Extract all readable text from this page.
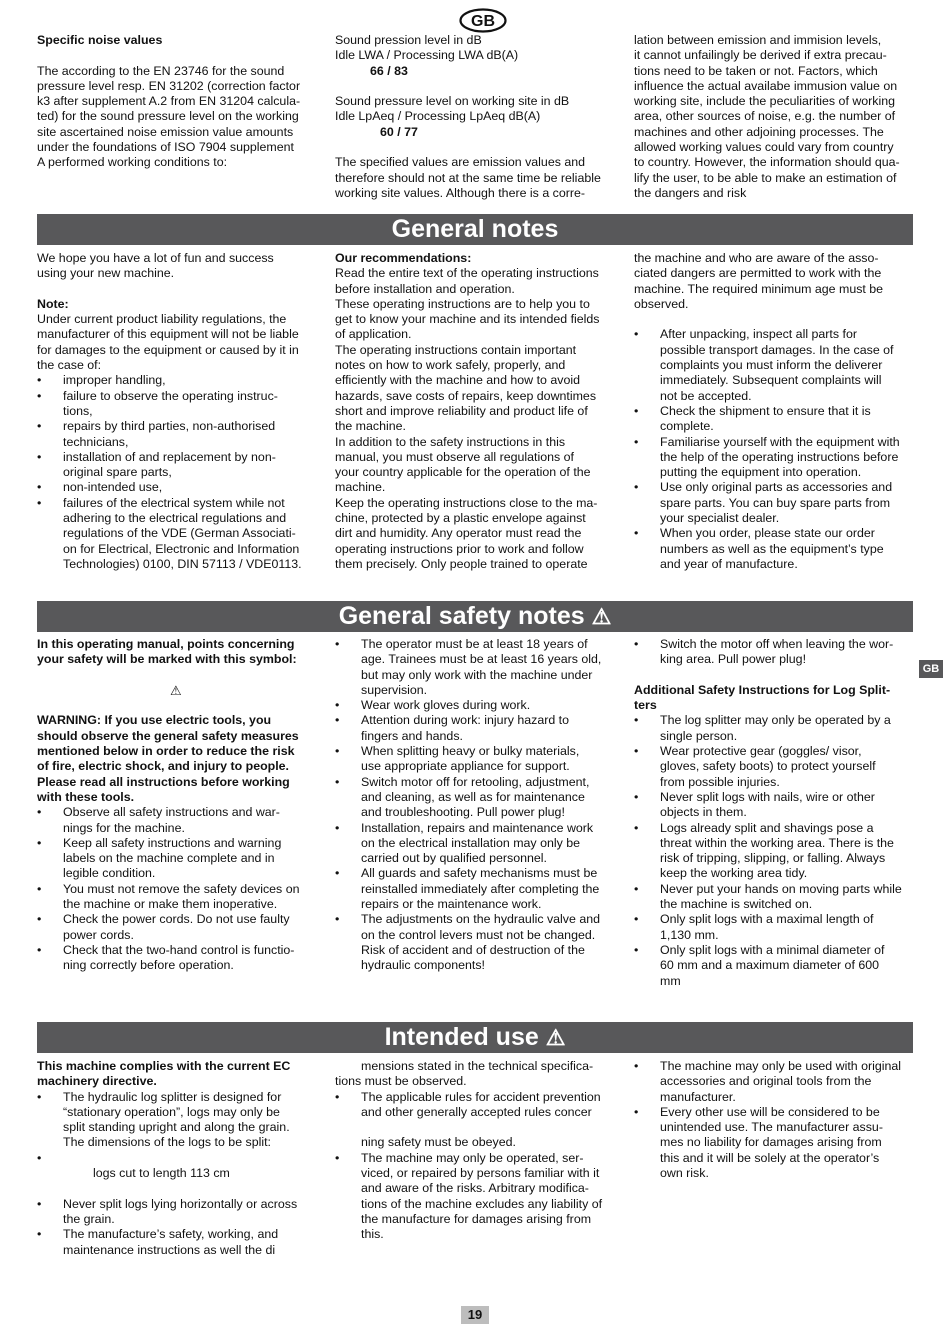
GB

Specific noise values

The according to the EN 23746 for the sound
pressure level resp. EN 31202 (correction factor
k3 after supplement A.2 from EN 31204 calcula-
ted) for the sound pressure level on the working
site ascertained noise emission value amounts
under the foundations of ISO 7904 supplement
A performed working conditions to:

Sound pression level in dB

Idle LWA / Processing LWA dB(A)

66 / 83

Sound pressure level on working site in dB

Idle LpAeq / Processing LpAeq dB(A)

60 / 77

The specified values are emission values and
therefore should not at the same time be reliable
working site values. Although there is a corre-

lation between emission and immision levels,
it cannot unfailingly be derived if extra precau-
tions need to be taken or not. Factors, which
influence the actual availabe immusion value on
working site, include the peculiarities of working
area, other sources of noise, e.g. the number of
machines and other adjoining processes. The
allowed working values could vary from country
to country. However, the information should qua-
lify the user, to be able to make an estimation of
the dangers and risk

General notes

We hope you have a lot of fun and success
using your new machine.

Note:

Under current product liability regulations, the
manufacturer of this equipment will not be liable
for damages to the equipment or caused by it in
the case of:

• improper handling,

• failure to observe the operating instruc-
tions,

• repairs by third parties, non-authorised
technicians,

• installation of and replacement by non-
original spare parts,

• non-intended use,

• failures of the electrical system while not
adhering to the electrical regulations and
regulations of the VDE (German Associati-
on for Electrical, Electronic and Information
Technologies) 0100, DIN 57113 / VDE0113.

Our recommendations:

Read the entire text of the operating instructions
before installation and operation.
These operating instructions are to help you to
get to know your machine and its intended fields
of application.
The operating instructions contain important
notes on how to work safely, properly, and
efficiently with the machine and how to avoid
hazards, save costs of repairs, keep downtimes
short and improve reliability and product life of
the machine.
In addition to the safety instructions in this
manual, you must observe all regulations of
your country applicable for the operation of the
machine.
Keep the operating instructions close to the ma-
chine, protected by a plastic envelope against
dirt and humidity. Any operator must read the
operating instructions prior to work and follow
them precisely. Only people trained to operate

the machine and who are aware of the asso-
ciated dangers are permitted to work with the
machine. The required minimum age must be
observed.

• After unpacking, inspect all parts for
possible transport damages. In the case of
complaints you must inform the deliverer
immediately. Subsequent complaints will
not be accepted.

• Check the shipment to ensure that it is
complete.

• Familiarise yourself with the equipment with
the help of the operating instructions before
putting the equipment into operation.

• Use only original parts as accessories and
spare parts. You can buy spare parts from
your specialist dealer.

• When you order, please state our order
numbers as well as the equipment’s type
and year of manufacture.

General safety notes ⚠
GB

In this operating manual, points concerning
your safety will be marked with this symbol:

⚠

WARNING: If you use electric tools, you
should observe the general safety measures
mentioned below in order to reduce the risk
of fire, electric shock, and injury to people.
Please read all instructions before working
with these tools.

• Observe all safety instructions and war-
nings for the machine.

• Keep all safety instructions and warning
labels on the machine complete and in
legible condition.

• You must not remove the safety devices on
the machine or make them inoperative.

• Check the power cords. Do not use faulty
power cords.

• Check that the two-hand control is functio-
ning correctly before operation.

• The operator must be at least 18 years of
age. Trainees must be at least 16 years old,
but may only work with the machine under
supervision.

• Wear work gloves during work.

• Attention during work: injury hazard to
fingers and hands.

• When splitting heavy or bulky materials,
use appropriate appliance for support.

• Switch motor off for retooling, adjustment,
and cleaning, as well as for maintenance
and troubleshooting. Pull power plug!

• Installation, repairs and maintenance work
on the electrical installation may only be
carried out by qualified personnel.

• All guards and safety mechanisms must be
reinstalled immediately after completing the
repairs or the maintenance work.

• The adjustments on the hydraulic valve and
on the control levers must not be changed.
Risk of accident and of destruction of the
hydraulic components!

• Switch the motor off when leaving the wor-
king area. Pull power plug!

Additional Safety Instructions for Log Split-
ters

• The log splitter may only be operated by a
single person.

• Wear protective gear (goggles/ visor,
gloves, safety boots) to protect yourself
from possible injuries.

• Never split logs with nails, wire or other
objects in them.

• Logs already split and shavings pose a
threat within the working area. There is the
risk of tripping, slipping, or falling. Always
keep the working area tidy.

• Never put your hands on moving parts while
the machine is switched on.

• Only split logs with a maximal length of
1,130 mm.

• Only split logs with a minimal diameter of
60 mm and a maximum diameter of 600
mm

Intended use ⚠

This machine complies with the current EC
machinery directive.

• The hydraulic log splitter is designed for
“stationary operation”, logs may only be
split standing upright and along the grain.
The dimensions of the logs to be split:

•

logs cut to length 113 cm

• Never split logs lying horizontally or across
the grain.

• The manufacture’s safety, working, and
maintenance instructions as well the di

mensions stated in the technical specifica-

tions must be observed.

• The applicable rules for accident prevention
and other generally accepted rules concer

ning safety must be obeyed.

• The machine may only be operated, ser-
viced, or repaired by persons familiar with it
and aware of the risks. Arbitrary modifica-
tions of the machine excludes any liability of
the manufacture for damages arising from
this.

• The machine may only be used with original
accessories and original tools from the
manufacturer.

• Every other use will be considered to be
unintended use. The manufacturer assu-
mes no liability for damages arising from
this and it will be solely at the operator’s
own risk.

19
